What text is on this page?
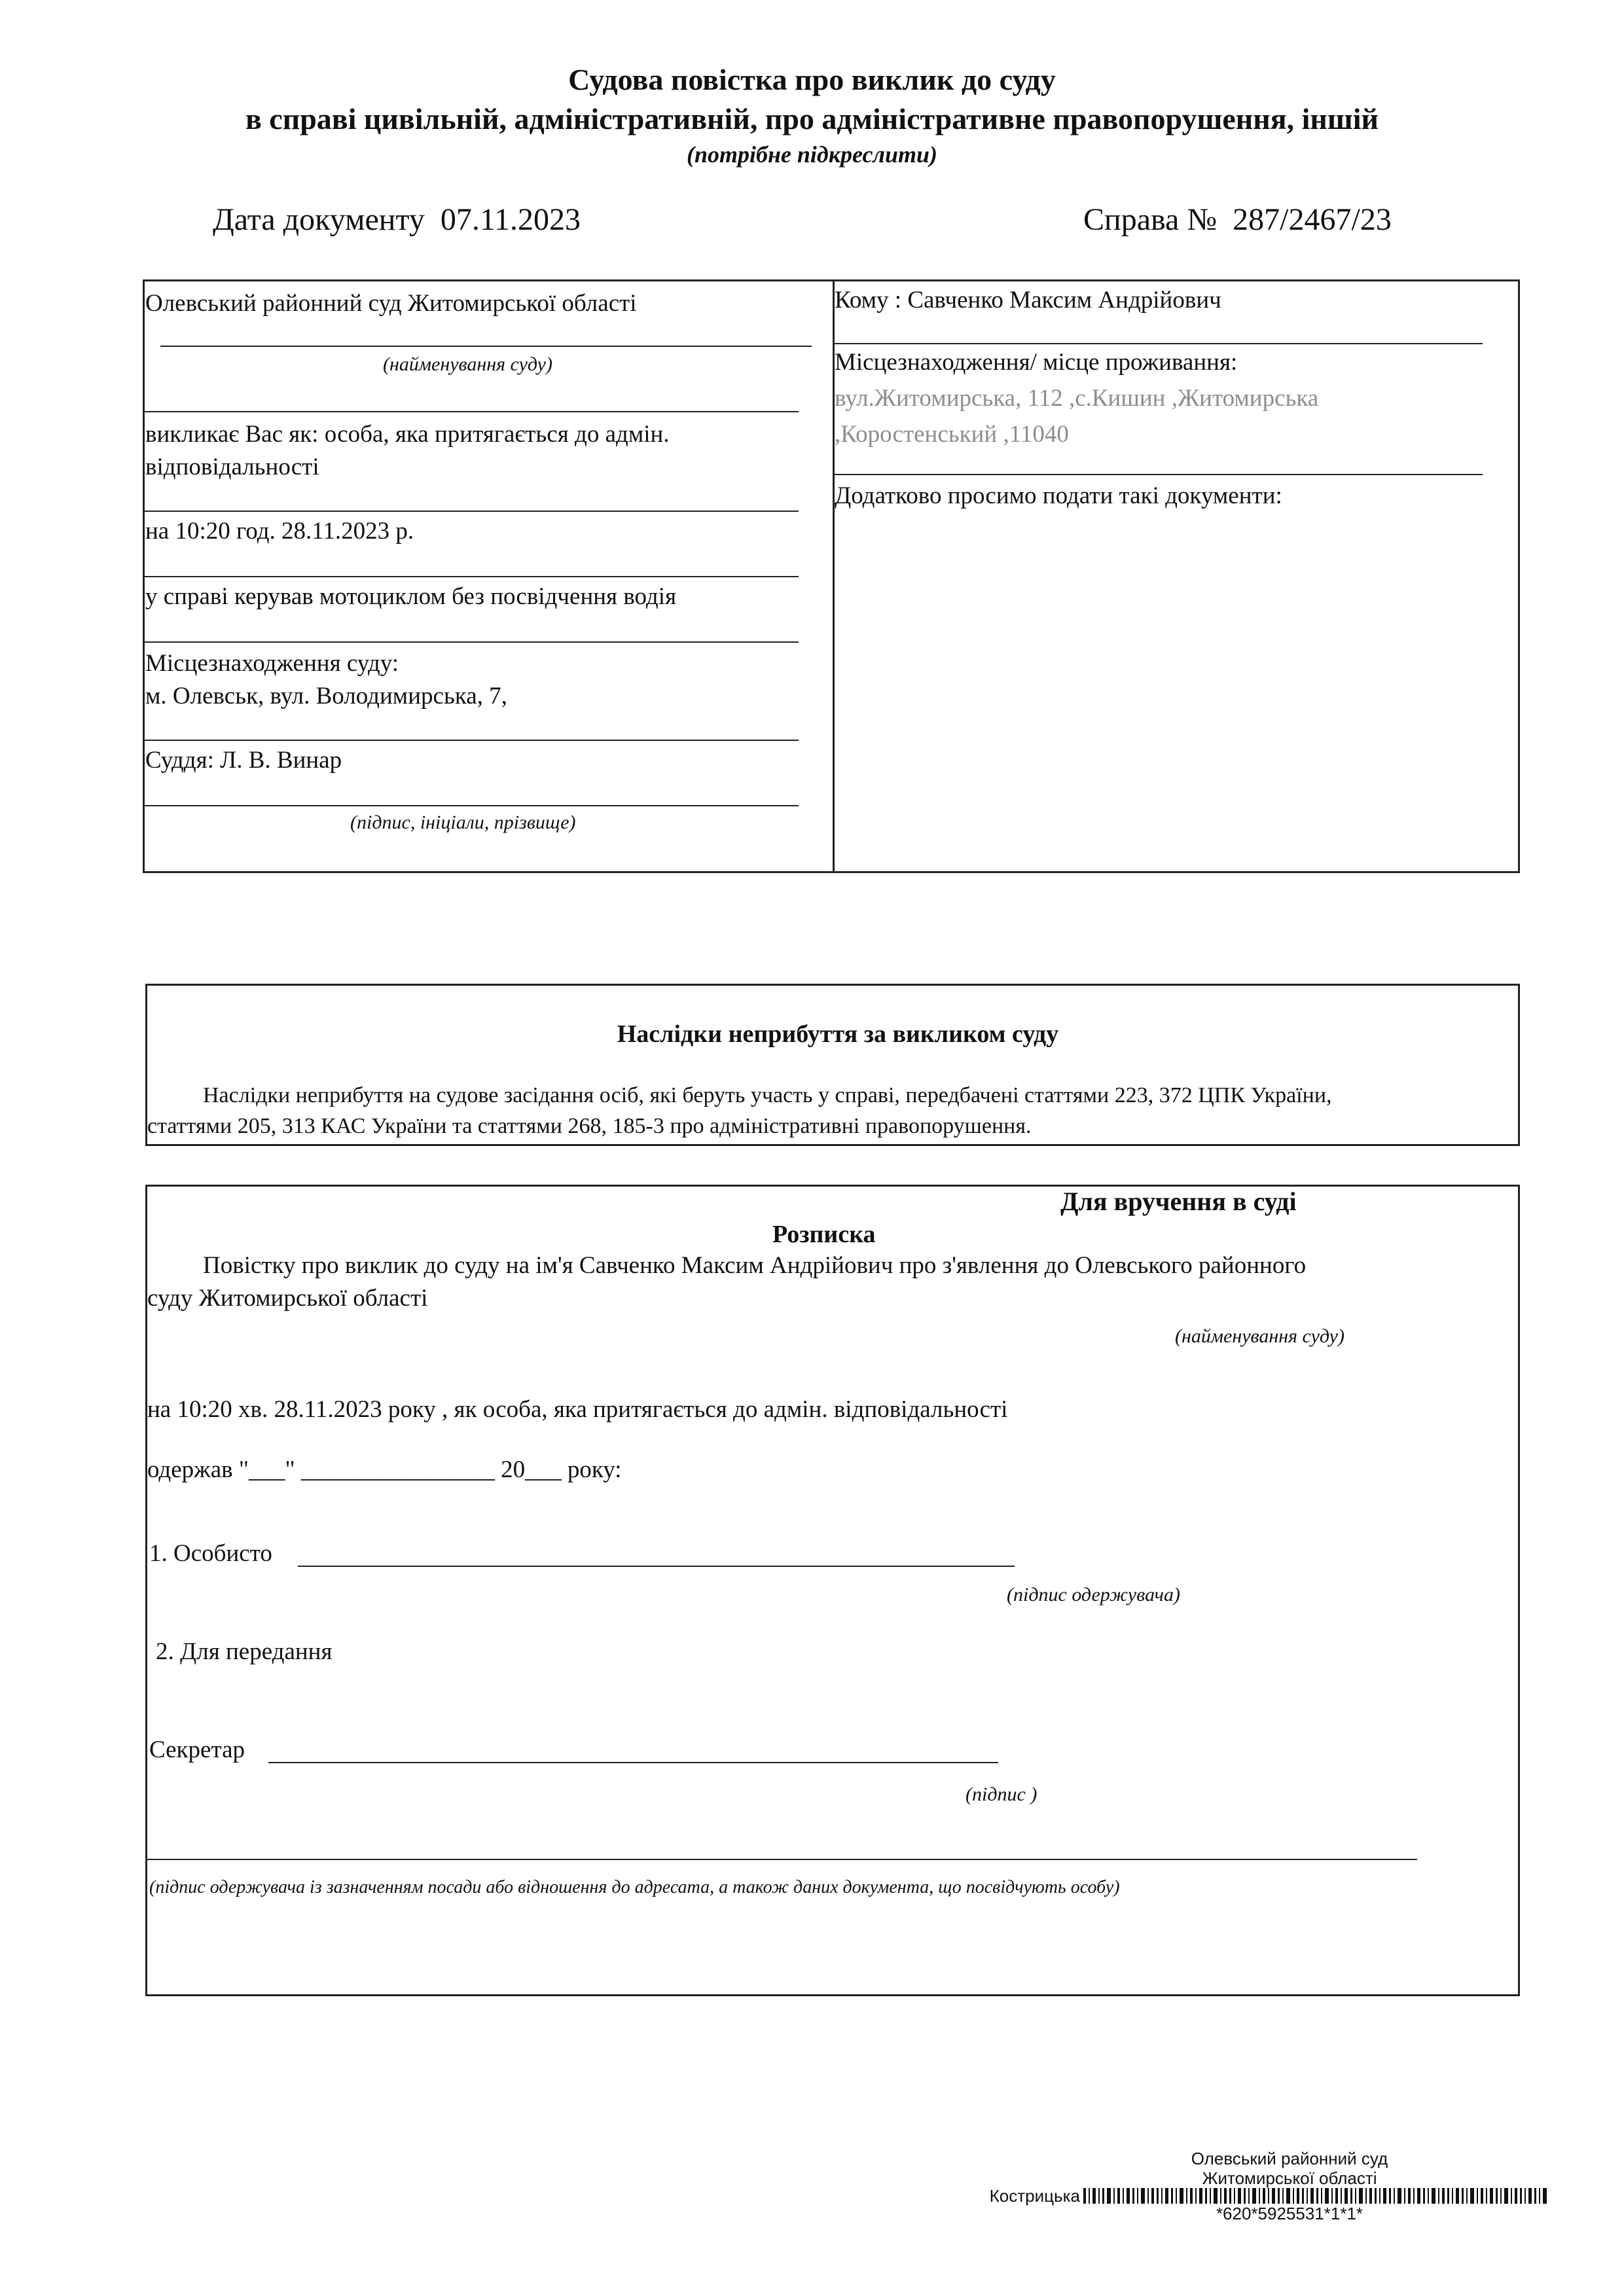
Судова повістка про виклик до суду
в справі цивільній, адміністративній, про адміністративне правопорушення, іншій
(потрібне підкреслити)
Дата документу 07.11.2023	Справа № 287/2467/23
Олевський районний суд Житомирської області
(найменування суду)
викликає Вас як: особа, яка притягається до адмін.
відповідальності
на 10:20 год. 28.11.2023 р.
у справі керував мотоциклом без посвідчення водія
Місцезнаходження суду:
м. Олевськ, вул. Володимирська, 7,
Суддя: Л. В. Винар
(підпис, ініціали, прізвище)
Кому : Савченко Максим Андрійович
Місцезнаходження/ місце проживання:
вул.Житомирська, 112 ,с.Кишин ,Житомирська
,Коростенський ,11040
Додатково просимо подати такі документи:
Наслідки неприбуття за викликом суду
Наслідки неприбуття на судове засідання осіб, які беруть участь у справі, передбачені статтями 223, 372 ЦПК України,
статтями 205, 313 КАС України та статтями 268, 185-3 про адміністративні правопорушення.
Для вручення в суді
Розписка
Повістку про виклик до суду на ім'я Савченко Максим Андрійович про з'явлення до Олевського районного
суду Житомирської області
(найменування суду)
на 10:20 хв. 28.11.2023 року , як особа, яка притягається до адмін. відповідальності
одержав "___" ________________ 20___ року:
1. Особисто
(підпис одержувача)
2. Для передання
Секретар
(підпис )
(підпис одержувача із зазначенням посади або відношення до адресата, а також даних документа, що посвідчують особу)
Олевський районний суд
Житомирської області
Кострицька
*620*5925531*1*1*
